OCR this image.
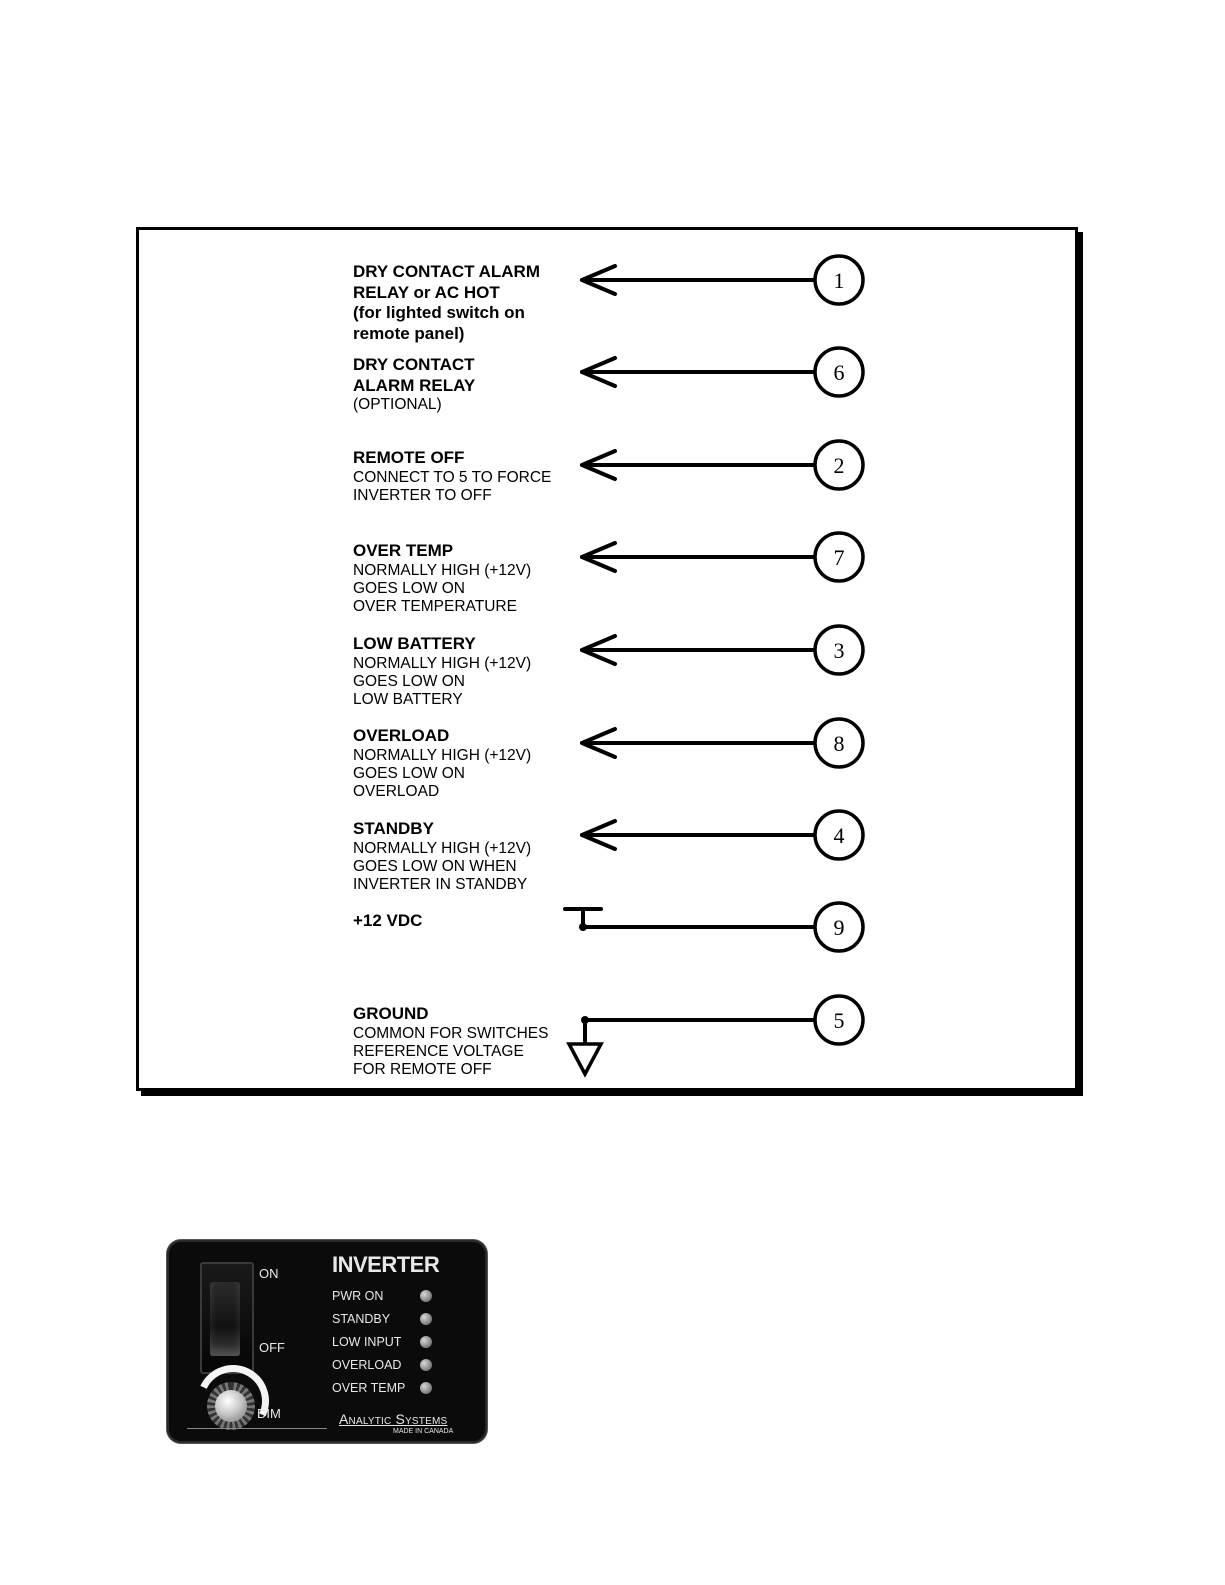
DRY CONTACT ALARM
RELAY or AC HOT
(for lighted switch on
remote panel)
DRY CONTACT
ALARM RELAY
(OPTIONAL)
REMOTE OFF
CONNECT TO 5 TO FORCE
INVERTER TO OFF
OVER TEMP
NORMALLY HIGH (+12V)
GOES LOW ON
OVER TEMPERATURE
LOW BATTERY
NORMALLY HIGH (+12V)
GOES LOW ON
LOW BATTERY
OVERLOAD
NORMALLY HIGH (+12V)
GOES LOW ON
OVERLOAD
STANDBY
NORMALLY HIGH (+12V)
GOES LOW ON WHEN
INVERTER IN STANDBY
+12 VDC
GROUND
COMMON FOR SWITCHES
REFERENCE VOLTAGE
FOR REMOTE OFF
1
6
2
7
3
8
4
9
5
ON
OFF
INVERTER
PWR ON
STANDBY
LOW INPUT
OVERLOAD
OVER TEMP
DIM	Analytic Systems
MADE IN CANADA
